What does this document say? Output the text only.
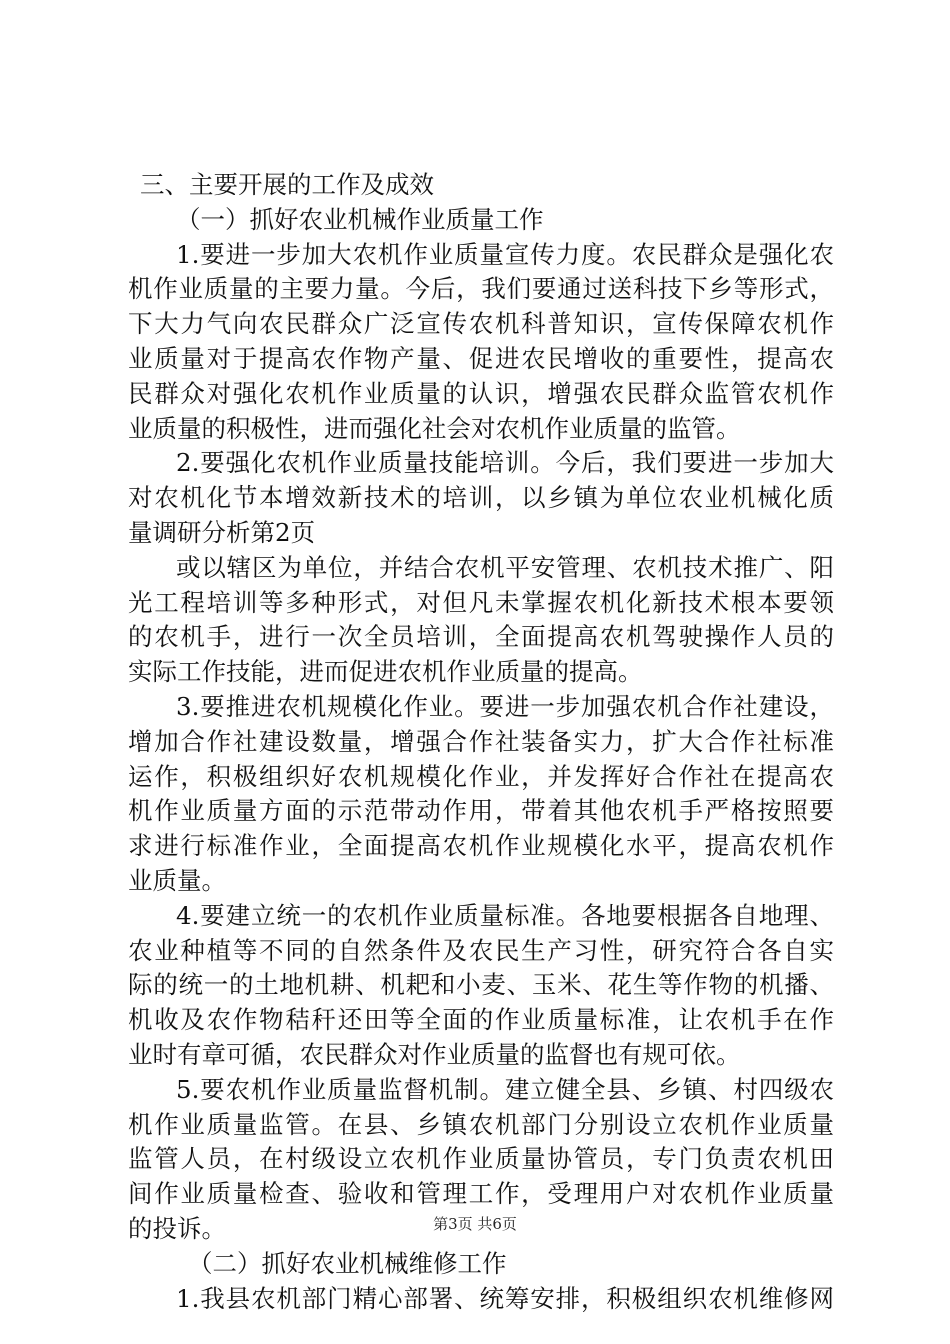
三、主要开展的工作及成效
（一）抓好农业机械作业质量工作
1.要进一步加大农机作业质量宣传力度。农民群众是强化农
机作业质量的主要力量。今后，我们要通过送科技下乡等形式，
下大力气向农民群众广泛宣传农机科普知识，宣传保障农机作
业质量对于提高农作物产量、促进农民增收的重要性，提高农
民群众对强化农机作业质量的认识，增强农民群众监管农机作
业质量的积极性，进而强化社会对农机作业质量的监管。
2.要强化农机作业质量技能培训。今后，我们要进一步加大
对农机化节本增效新技术的培训，以乡镇为单位农业机械化质
量调研分析第2页
或以辖区为单位，并结合农机平安管理、农机技术推广、阳
光工程培训等多种形式，对但凡未掌握农机化新技术根本要领
的农机手，进行一次全员培训，全面提高农机驾驶操作人员的
实际工作技能，进而促进农机作业质量的提高。
3.要推进农机规模化作业。要进一步加强农机合作社建设，
增加合作社建设数量，增强合作社装备实力，扩大合作社标准
运作，积极组织好农机规模化作业，并发挥好合作社在提高农
机作业质量方面的示范带动作用，带着其他农机手严格按照要
求进行标准作业，全面提高农机作业规模化水平，提高农机作
业质量。
4.要建立统一的农机作业质量标准。各地要根据各自地理、
农业种植等不同的自然条件及农民生产习性，研究符合各自实
际的统一的土地机耕、机耙和小麦、玉米、花生等作物的机播、
机收及农作物秸秆还田等全面的作业质量标准，让农机手在作
业时有章可循，农民群众对作业质量的监督也有规可依。
5.要农机作业质量监督机制。建立健全县、乡镇、村四级农
机作业质量监管。在县、乡镇农机部门分别设立农机作业质量
监管人员，在村级设立农机作业质量协管员，专门负责农机田
间作业质量检查、验收和管理工作，受理用户对农机作业质量
的投诉。
（二）抓好农业机械维修工作
1.我县农机部门精心部署、统筹安排，积极组织农机维修网
第3页 共6页
